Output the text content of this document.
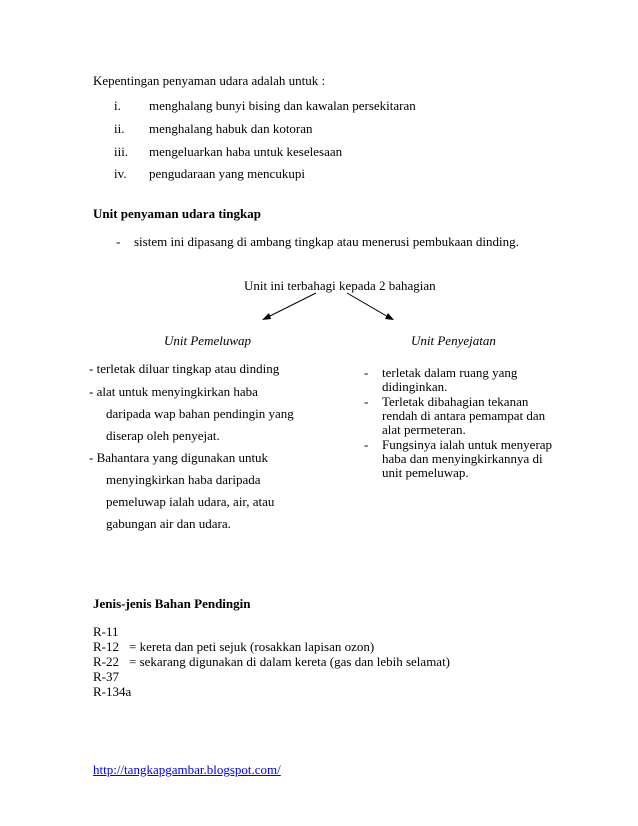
Kepentingan penyaman udara adalah untuk :
i. menghalang bunyi bising dan kawalan persekitaran
ii. menghalang habuk dan kotoran
iii. mengeluarkan haba untuk keselesaan
iv. pengudaraan yang mencukupi
Unit penyaman udara tingkap
- sistem ini dipasang di ambang tingkap atau menerusi pembukaan dinding.
Unit ini terbahagi kepada 2 bahagian
Unit Pemeluwap	Unit Penyejatan
- terletak diluar tingkap atau dinding
- alat untuk menyingkirkan haba
daripada wap bahan pendingin yang
diserap oleh penyejat.
- Bahantara yang digunakan untuk
menyingkirkan haba daripada
pemeluwap ialah udara, air, atau
gabungan air dan udara.
- terletak dalam ruang yang
didinginkan.
- Terletak dibahagian tekanan
rendah di antara pemampat dan
alat permeteran.
- Fungsinya ialah untuk menyerap
haba dan menyingkirkannya di
unit pemeluwap.
Jenis-jenis Bahan Pendingin
R-11
R-12 = kereta dan peti sejuk (rosakkan lapisan ozon)
R-22 = sekarang digunakan di dalam kereta (gas dan lebih selamat)
R-37
R-134a
http://tangkapgambar.blogspot.com/
